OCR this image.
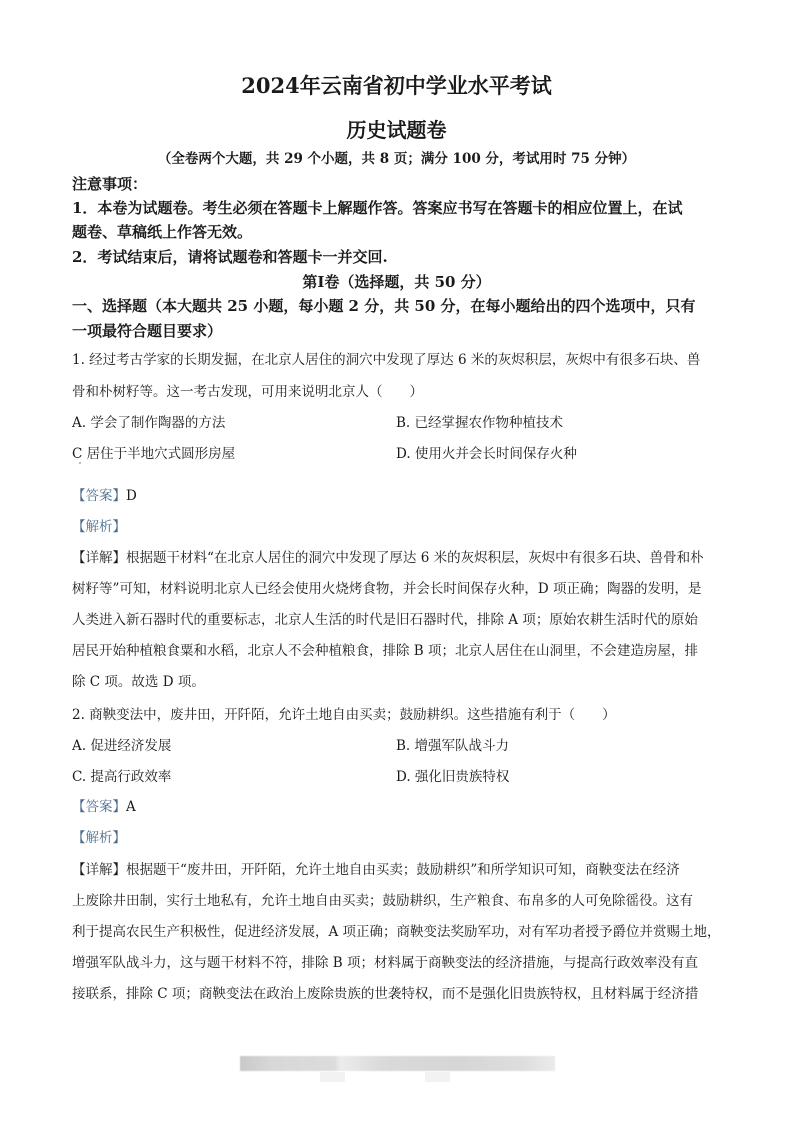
2024年云南省初中学业水平考试
历史试题卷
（全卷两个大题，共 29 个小题，共 8 页；满分 100 分，考试用时 75 分钟）
注意事项：
1．本卷为试题卷。考生必须在答题卡上解题作答。答案应书写在答题卡的相应位置上，在试
题卷、草稿纸上作答无效。
2．考试结束后，请将试题卷和答题卡一并交回.
第Ⅰ卷（选择题，共 50 分）
一、选择题（本大题共 25 小题，每小题 2 分，共 50 分，在每小题给出的四个选项中，只有
一项最符合题目要求）
1. 经过考古学家的长期发掘，在北京人居住的洞穴中发现了厚达 6 米的灰烬积层，灰烬中有很多石块、兽
骨和朴树籽等。这一考古发现，可用来说明北京人（　　）
A. 学会了制作陶器的方法	B. 已经掌握农作物种植技术
C 居住于半地穴式圆形房屋	D. 使用火并会长时间保存火种
【答案】D
【解析】
【详解】根据题干材料“在北京人居住的洞穴中发现了厚达 6 米的灰烬积层，灰烬中有很多石块、兽骨和朴
树籽等”可知，材料说明北京人已经会使用火烧烤食物，并会长时间保存火种，D 项正确；陶器的发明，是
人类进入新石器时代的重要标志，北京人生活的时代是旧石器时代，排除 A 项；原始农耕生活时代的原始
居民开始种植粮食粟和水稻，北京人不会种植粮食，排除 B 项；北京人居住在山洞里，不会建造房屋，排
除 C 项。故选 D 项。
2. 商鞅变法中，废井田，开阡陌，允许土地自由买卖；鼓励耕织。这些措施有利于（　　）
A. 促进经济发展	B. 增强军队战斗力
C. 提高行政效率	D. 强化旧贵族特权
【答案】A
【解析】
【详解】根据题干“废井田，开阡陌，允许土地自由买卖；鼓励耕织”和所学知识可知，商鞅变法在经济
上废除井田制，实行土地私有，允许土地自由买卖；鼓励耕织，生产粮食、布帛多的人可免除徭役。这有
利于提高农民生产积极性，促进经济发展，A 项正确；商鞅变法奖励军功，对有军功者授予爵位并赏赐土地，
增强军队战斗力，这与题干材料不符，排除 B 项；材料属于商鞅变法的经济措施，与提高行政效率没有直
接联系，排除 C 项；商鞅变法在政治上废除贵族的世袭特权，而不是强化旧贵族特权，且材料属于经济措
